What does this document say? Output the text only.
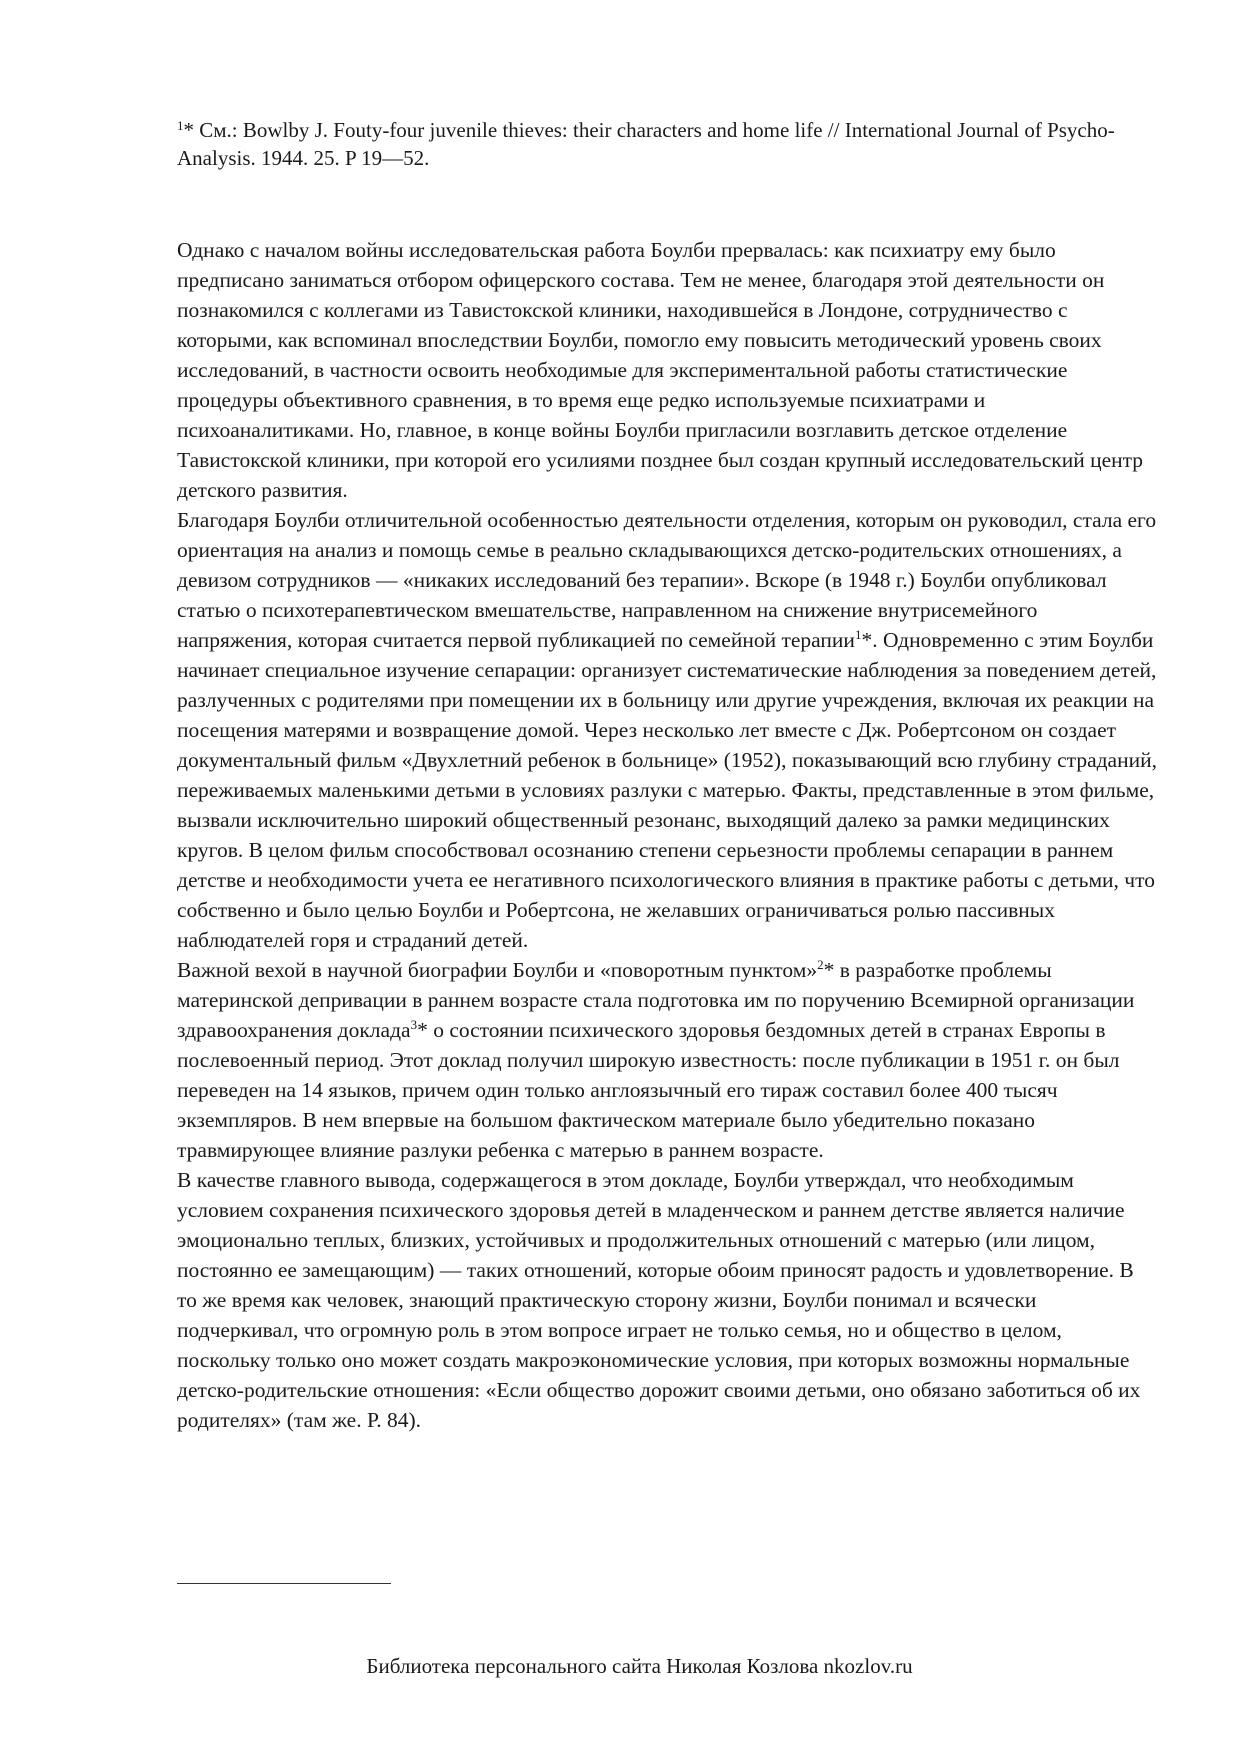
$^1$* См.: Bowlby J. Fouty-four juvenile thieves: their characters and home life // International Journal of Psycho-Analysis. 1944. 25. P 19—52.

Однако с началом войны исследовательская работа Боулби прервалась: как психиатру ему было предписано заниматься отбором офицерского состава. Тем не менее, благодаря этой деятельности он познакомился с коллегами из Тавистокской клиники, находившейся в Лондоне, сотрудничество с которыми, как вспоминал впоследствии Боулби, помогло ему повысить методический уровень своих исследований, в частности освоить необходимые для экспериментальной работы статистические процедуры объективного сравнения, в то время еще редко используемые психиатрами и психоаналитиками. Но, главное, в конце войны Боулби пригласили возглавить детское отделение Тавистокской клиники, при которой его усилиями позднее был создан крупный исследовательский центр детского развития.

Благодаря Боулби отличительной особенностью деятельности отделения, которым он руководил, стала его ориентация на анализ и помощь семье в реально складывающихся детско-родительских отношениях, а девизом сотрудников — «никаких исследований без терапии». Вскоре (в 1948 г.) Боулби опубликовал статью о психотерапевтическом вмешательстве, направленном на снижение внутрисемейного напряжения, которая считается первой публикацией по семейной терапии$^1$*. Одновременно с этим Боулби начинает специальное изучение сепарации: организует систематические наблюдения за поведением детей, разлученных с родителями при помещении их в больницу или другие учреждения, включая их реакции на посещения матерями и возвращение домой. Через несколько лет вместе с Дж. Робертсоном он создает документальный фильм «Двухлетний ребенок в больнице» (1952), показывающий всю глубину страданий, переживаемых маленькими детьми в условиях разлуки с матерью. Факты, представленные в этом фильме, вызвали исключительно широкий общественный резонанс, выходящий далеко за рамки медицинских кругов. В целом фильм способствовал осознанию степени серьезности проблемы сепарации в раннем детстве и необходимости учета ее негативного психологического влияния в практике работы с детьми, что собственно и было целью Боулби и Робертсона, не желавших ограничиваться ролью пассивных наблюдателей горя и страданий детей.

Важной вехой в научной биографии Боулби и «поворотным пунктом»$^2$* в разработке проблемы материнской депривации в раннем возрасте стала подготовка им по поручению Всемирной организации здравоохранения доклада$^3$* о состоянии психического здоровья бездомных детей в странах Европы в послевоенный период. Этот доклад получил широкую известность: после публикации в 1951 г. он был переведен на 14 языков, причем один только англоязычный его тираж составил более 400 тысяч экземпляров. В нем впервые на большом фактическом материале было убедительно показано травмирующее влияние разлуки ребенка с матерью в раннем возрасте.

В качестве главного вывода, содержащегося в этом докладе, Боулби утверждал, что необходимым условием сохранения психического здоровья детей в младенческом и раннем детстве является наличие эмоционально теплых, близких, устойчивых и продолжительных отношений с матерью (или лицом, постоянно ее замещающим) — таких отношений, которые обоим приносят радость и удовлетворение. В то же время как человек, знающий практическую сторону жизни, Боулби понимал и всячески подчеркивал, что огромную роль в этом вопросе играет не только семья, но и общество в целом, поскольку только оно может создать макроэкономические условия, при которых возможны нормальные детско-родительские отношения: «Если общество дорожит своими детьми, оно обязано заботиться об их родителях» (там же. Р. 84).

Библиотека персонального сайта Николая Козлова nkozlov.ru
